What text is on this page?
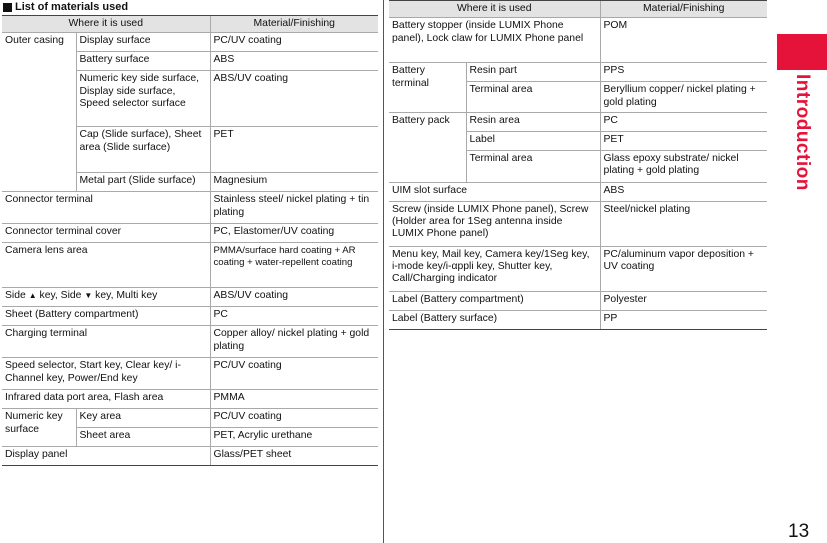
List of materials used
Where it is used		Material/Finishing
Outer casing	Display surface	PC/UV coating
	Battery surface	ABS
	Numeric key side surface, Display side surface, Speed selector surface	ABS/UV coating
	Cap (Slide surface), Sheet area (Slide surface)	PET
	Metal part (Slide surface)	Magnesium
Connector terminal		Stainless steel/ nickel plating + tin plating
Connector terminal cover		PC, Elastomer/UV coating
Camera lens area		PMMA/surface hard coating + AR coating + water-repellent coating
Side ▲ key, Side ▼ key, Multi key		ABS/UV coating
Sheet (Battery compartment)		PC
Charging terminal		Copper alloy/ nickel plating + gold plating
Speed selector, Start key, Clear key/ i-Channel key, Power/End key		PC/UV coating
Infrared data port area, Flash area		PMMA
Numeric key surface	Key area	PC/UV coating
	Sheet area	PET, Acrylic urethane
Display panel		Glass/PET sheet
Where it is used		Material/Finishing
Battery stopper (inside LUMIX Phone panel), Lock claw for LUMIX Phone panel		POM
Battery terminal	Resin part	PPS
	Terminal area	Beryllium copper/ nickel plating + gold plating
Battery pack	Resin area	PC
	Label	PET
	Terminal area	Glass epoxy substrate/ nickel plating + gold plating
UIM slot surface		ABS
Screw (inside LUMIX Phone panel), Screw (Holder area for 1Seg antenna inside LUMIX Phone panel)		Steel/nickel plating
Menu key, Mail key, Camera key/1Seg key, i-mode key/i-αppli key, Shutter key, Call/Charging indicator		PC/aluminum vapor deposition + UV coating
Label (Battery compartment)		Polyester
Label (Battery surface)		PP
Introduction
13
